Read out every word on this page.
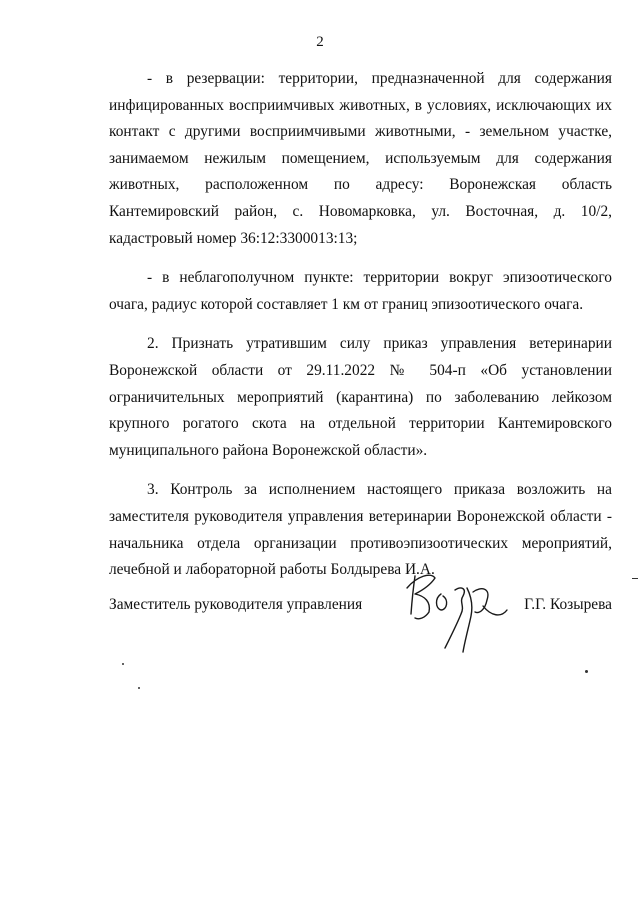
2

- в резервации: территории, предназначенной для содержания инфицированных восприимчивых животных, в условиях, исключающих их контакт с другими восприимчивыми животными, - земельном участке, занимаемом нежилым помещением, используемым для содержания животных, расположенном по адресу: Воронежская область Кантемировский район, с. Новомарковка, ул. Восточная, д. 10/2, кадастровый номер 36:12:3300013:13;

- в неблагополучном пункте: территории вокруг эпизоотического очага, радиус которой составляет 1 км от границ эпизоотического очага.

2. Признать утратившим силу приказ управления ветеринарии Воронежской области от 29.11.2022 № 504-п «Об установлении ограничительных мероприятий (карантина) по заболеванию лейкозом крупного рогатого скота на отдельной территории Кантемировского муниципального района Воронежской области».

3. Контроль за исполнением настоящего приказа возложить на заместителя руководителя управления ветеринарии Воронежской области - начальника отдела организации противоэпизоотических мероприятий, лечебной и лабораторной работы Болдырева И.А.

Заместитель руководителя управления	Г.Г. Козырева
